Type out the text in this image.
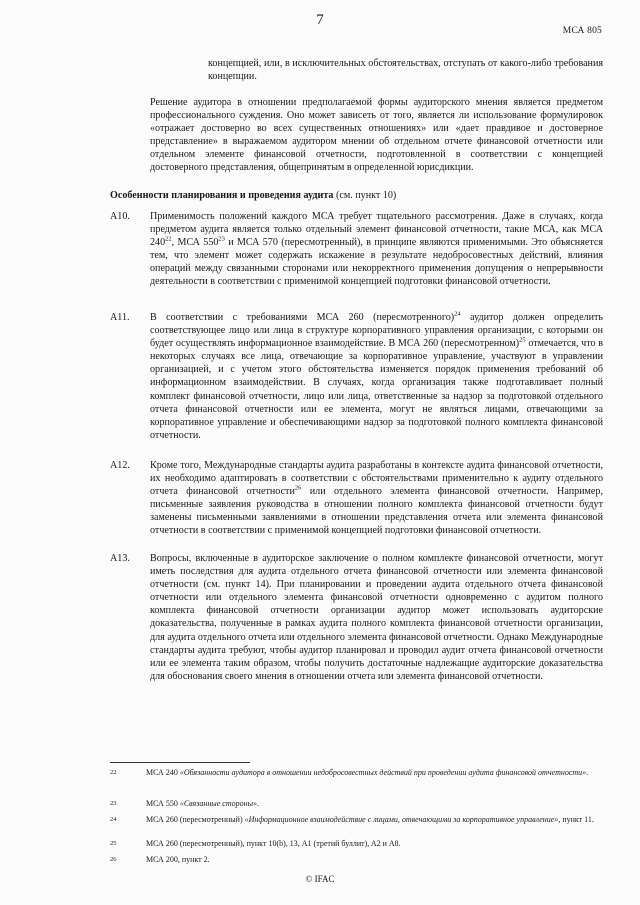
7
МСА 805
концепцией, или, в исключительных обстоятельствах, отступать от какого-либо требования концепции.
Решение аудитора в отношении предполагаемой формы аудиторского мнения является предметом профессионального суждения. Оно может зависеть от того, является ли использование формулировок «отражает достоверно во всех существенных отношениях» или «дает правдивое и достоверное представление» в выражаемом аудитором мнении об отдельном отчете финансовой отчетности или отдельном элементе финансовой отчетности, подготовленной в соответствии с концепцией достоверного представления, общепринятым в определенной юрисдикции.
Особенности планирования и проведения аудита (см. пункт 10)
A10. Применимость положений каждого МСА требует тщательного рассмотрения. Даже в случаях, когда предметом аудита является только отдельный элемент финансовой отчетности, такие МСА, как МСА $240^{22}$, МСА $550^{23}$ и МСА 570 (пересмотренный), в принципе являются применимыми. Это объясняется тем, что элемент может содержать искажение в результате недобросовестных действий, влияния операций между связанными сторонами или некорректного применения допущения о непрерывности деятельности в соответствии с применимой концепцией подготовки финансовой отчетности.
A11. В соответствии с требованиями МСА 260 (пересмотренного)$^{24}$ аудитор должен определить соответствующее лицо или лица в структуре корпоративного управления организации, с которыми он будет осуществлять информационное взаимодействие. В МСА 260 (пересмотренном)$^{25}$ отмечается, что в некоторых случаях все лица, отвечающие за корпоративное управление, участвуют в управлении организацией, и с учетом этого обстоятельства изменяется порядок применения требований об информационном взаимодействии. В случаях, когда организация также подготавливает полный комплект финансовой отчетности, лицо или лица, ответственные за надзор за подготовкой отдельного отчета финансовой отчетности или ее элемента, могут не являться лицами, отвечающими за корпоративное управление и обеспечивающими надзор за подготовкой полного комплекта финансовой отчетности.
A12. Кроме того, Международные стандарты аудита разработаны в контексте аудита финансовой отчетности, их необходимо адаптировать в соответствии с обстоятельствами применительно к аудиту отдельного отчета финансовой отчетности$^{26}$ или отдельного элемента финансовой отчетности. Например, письменные заявления руководства в отношении полного комплекта финансовой отчетности будут заменены письменными заявлениями в отношении представления отчета или элемента финансовой отчетности в соответствии с применимой концепцией подготовки финансовой отчетности.
A13. Вопросы, включенные в аудиторское заключение о полном комплекте финансовой отчетности, могут иметь последствия для аудита отдельного отчета финансовой отчетности или элемента финансовой отчетности (см. пункт 14). При планировании и проведении аудита отдельного отчета финансовой отчетности или отдельного элемента финансовой отчетности одновременно с аудитом полного комплекта финансовой отчетности организации аудитор может использовать аудиторские доказательства, полученные в рамках аудита полного комплекта финансовой отчетности организации, для аудита отдельного отчета или отдельного элемента финансовой отчетности. Однако Международные стандарты аудита требуют, чтобы аудитор планировал и проводил аудит отчета финансовой отчетности или ее элемента таким образом, чтобы получить достаточные надлежащие аудиторские доказательства для обоснования своего мнения в отношении отчета или элемента финансовой отчетности.
22	МСА 240 «Обязанности аудитора в отношении недобросовестных действий при проведении аудита финансовой отчетности».
23	МСА 550 «Связанные стороны».
24	МСА 260 (пересмотренный) «Информационное взаимодействие с лицами, отвечающими за корпоративное управление», пункт 11.
25	МСА 260 (пересмотренный), пункт 10(b), 13, A1 (третий буллит), A2 и A8.
26	МСА 200, пункт 2.
© IFAC
